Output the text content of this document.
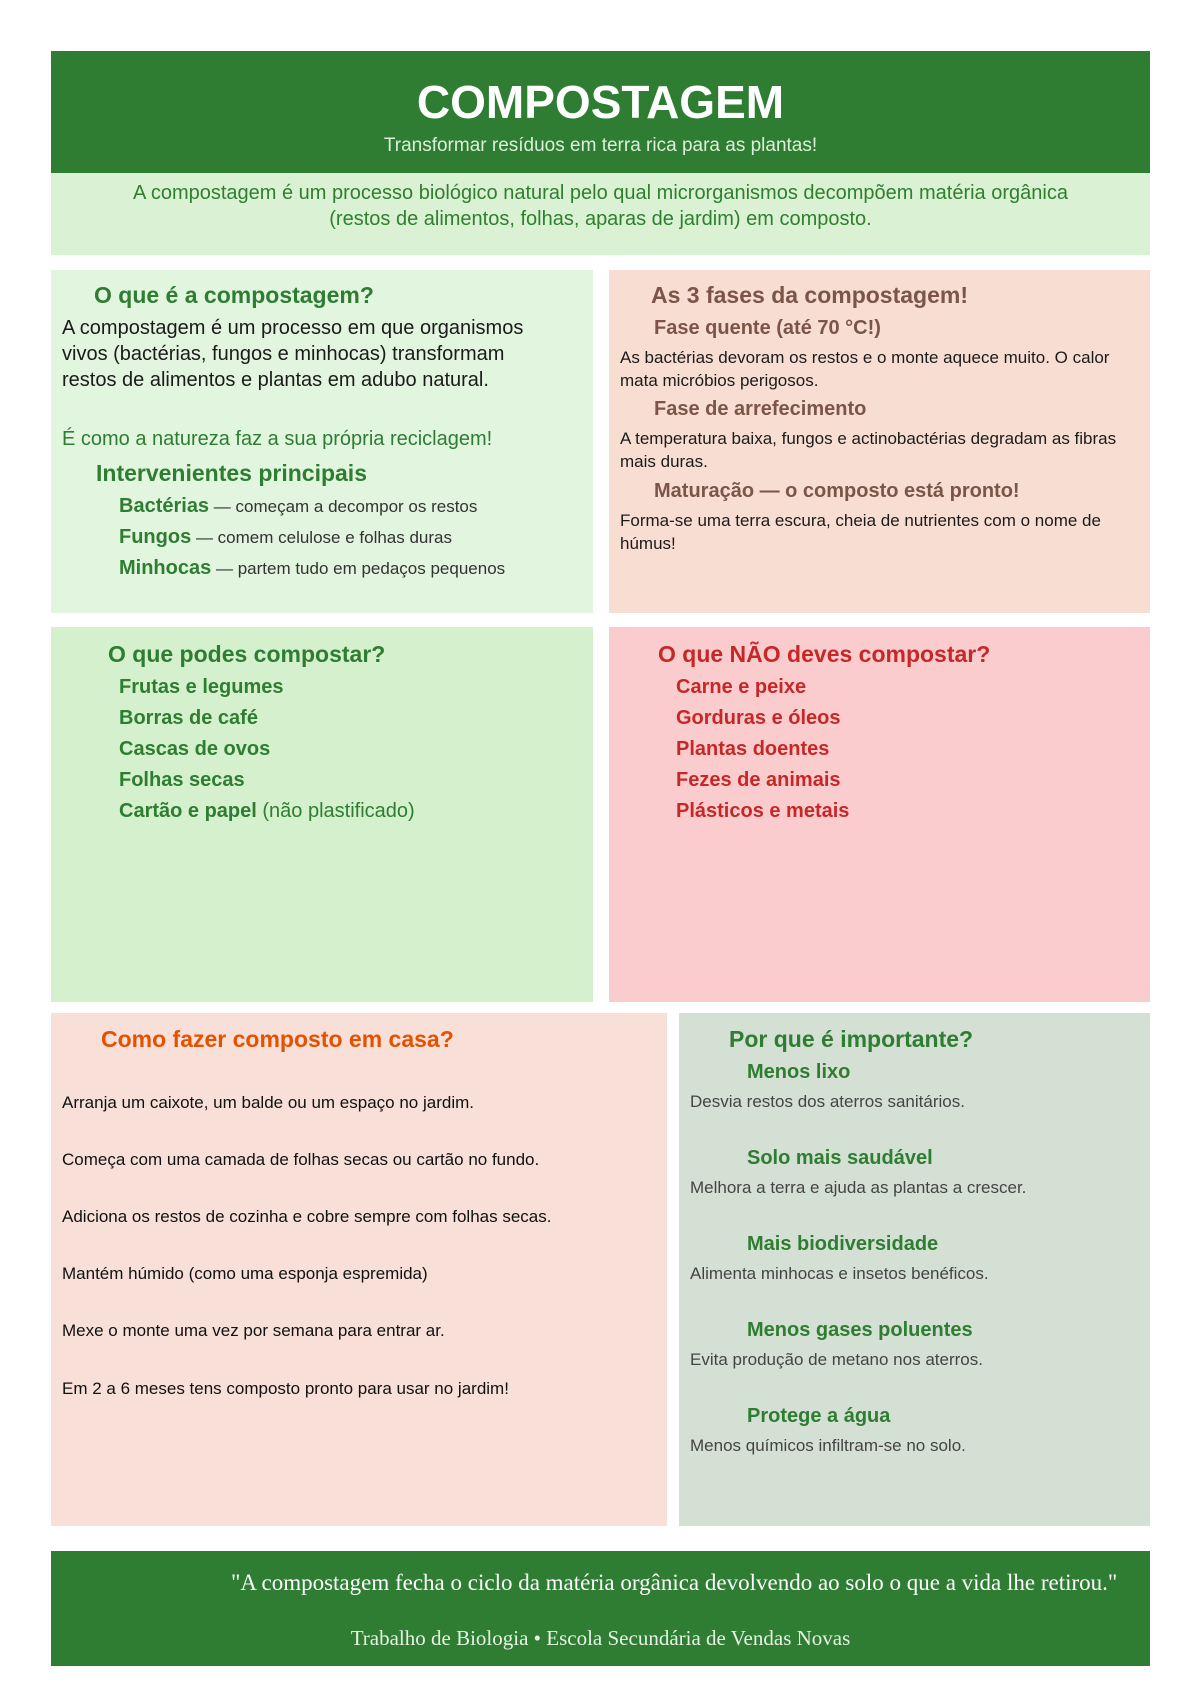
COMPOSTAGEM
Transformar resíduos em terra rica para as plantas!
A compostagem é um processo biológico natural pelo qual microrganismos decompõem matéria orgânica
(restos de alimentos, folhas, aparas de jardim) em composto.
O que é a compostagem?
A compostagem é um processo em que organismos vivos (bactérias, fungos e minhocas) transformam restos de alimentos e plantas em adubo natural.
É como a natureza faz a sua própria reciclagem!
Intervenientes principais
Bactérias — começam a decompor os restos
Fungos — comem celulose e folhas duras
Minhocas — partem tudo em pedaços pequenos
As 3 fases da compostagem!
Fase quente (até 70 °C!)
As bactérias devoram os restos e o monte aquece muito. O calor mata micróbios perigosos.
Fase de arrefecimento
A temperatura baixa, fungos e actinobactérias degradam as fibras mais duras.
Maturação — o composto está pronto!
Forma-se uma terra escura, cheia de nutrientes com o nome de húmus!
O que podes compostar?
Frutas e legumes
Borras de café
Cascas de ovos
Folhas secas
Cartão e papel (não plastificado)
O que NÃO deves compostar?
Carne e peixe
Gorduras e óleos
Plantas doentes
Fezes de animais
Plásticos e metais
Como fazer composto em casa?
Arranja um caixote, um balde ou um espaço no jardim.
Começa com uma camada de folhas secas ou cartão no fundo.
Adiciona os restos de cozinha e cobre sempre com folhas secas.
Mantém húmido (como uma esponja espremida)
Mexe o monte uma vez por semana para entrar ar.
Em 2 a 6 meses tens composto pronto para usar no jardim!
Por que é importante?
Menos lixo
Desvia restos dos aterros sanitários.
Solo mais saudável
Melhora a terra e ajuda as plantas a crescer.
Mais biodiversidade
Alimenta minhocas e insetos benéficos.
Menos gases poluentes
Evita produção de metano nos aterros.
Protege a água
Menos químicos infiltram-se no solo.
"A compostagem fecha o ciclo da matéria orgânica devolvendo ao solo o que a vida lhe retirou."
Trabalho de Biologia • Escola Secundária de Vendas Novas
